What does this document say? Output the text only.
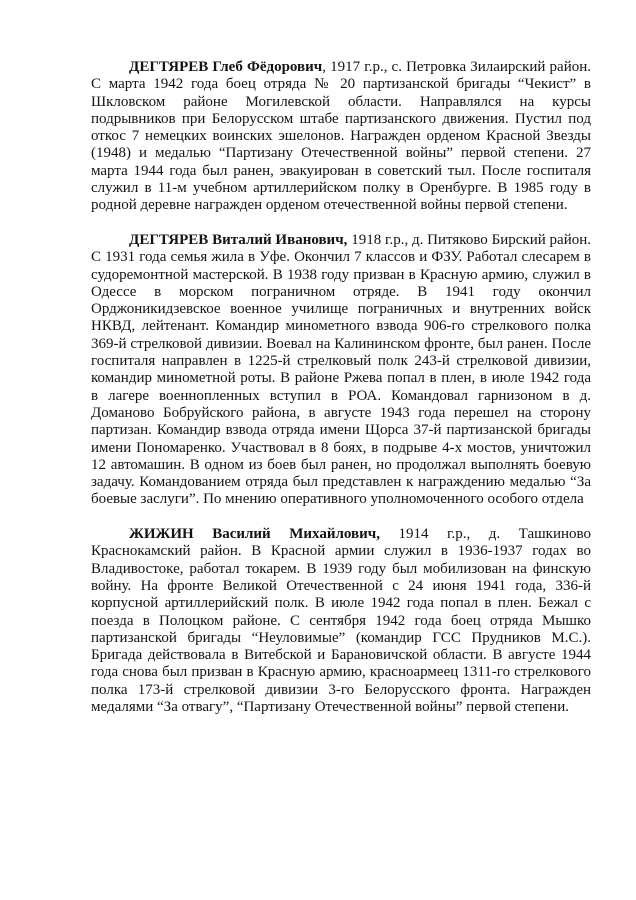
ДЕГТЯРЕВ Глеб Фёдорович, 1917 г.р., с. Петровка Зилаирский район. С марта 1942 года боец отряда № 20 партизанской бригады “Чекист” в Шкловском районе Могилевской области. Направлялся на курсы подрывников при Белорусском штабе партизанского движения. Пустил под откос 7 немецких воинских эшелонов. Награжден орденом Красной Звезды (1948) и медалью “Партизану Отечественной войны” первой степени. 27 марта 1944 года был ранен, эвакуирован в советский тыл. После госпиталя служил в 11-м учебном артиллерийском полку в Оренбурге. В 1985 году в родной деревне награжден орденом отечественной войны первой степени.

ДЕГТЯРЕВ Виталий Иванович, 1918 г.р., д. Питяково Бирский район. С 1931 года семья жила в Уфе. Окончил 7 классов и ФЗУ. Работал слесарем в судоремонтной мастерской. В 1938 году призван в Красную армию, служил в Одессе в морском пограничном отряде. В 1941 году окончил Орджоникидзевское военное училище пограничных и внутренних войск НКВД, лейтенант. Командир минометного взвода 906-го стрелкового полка 369-й стрелковой дивизии. Воевал на Калининском фронте, был ранен. После госпиталя направлен в 1225-й стрелковый полк 243-й стрелковой дивизии, командир минометной роты. В районе Ржева попал в плен, в июле 1942 года в лагере военнопленных вступил в РОА. Командовал гарнизоном в д. Доманово Бобруйского района, в августе 1943 года перешел на сторону партизан. Командир взвода отряда имени Щорса 37-й партизанской бригады имени Пономаренко. Участвовал в 8 боях, в подрыве 4-х мостов, уничтожил 12 автомашин. В одном из боев был ранен, но продолжал выполнять боевую задачу. Командованием отряда был представлен к награждению медалью “За боевые заслуги”. По мнению оперативного уполномоченного особого отдела

ЖИЖИН Василий Михайлович, 1914 г.р., д. Ташкиново Краснокамский район. В Красной армии служил в 1936-1937 годах во Владивостоке, работал токарем. В 1939 году был мобилизован на финскую войну. На фронте Великой Отечественной с 24 июня 1941 года, 336-й корпусной артиллерийский полк. В июле 1942 года попал в плен. Бежал с поезда в Полоцком районе. С сентября 1942 года боец отряда Мышко партизанской бригады “Неуловимые” (командир ГСС Прудников М.С.). Бригада действовала в Витебской и Барановичской области. В августе 1944 года снова был призван в Красную армию, красноармеец 1311-го стрелкового полка 173-й стрелковой дивизии 3-го Белорусского фронта. Награжден медалями “За отвагу”, “Партизану Отечественной войны” первой степени.
